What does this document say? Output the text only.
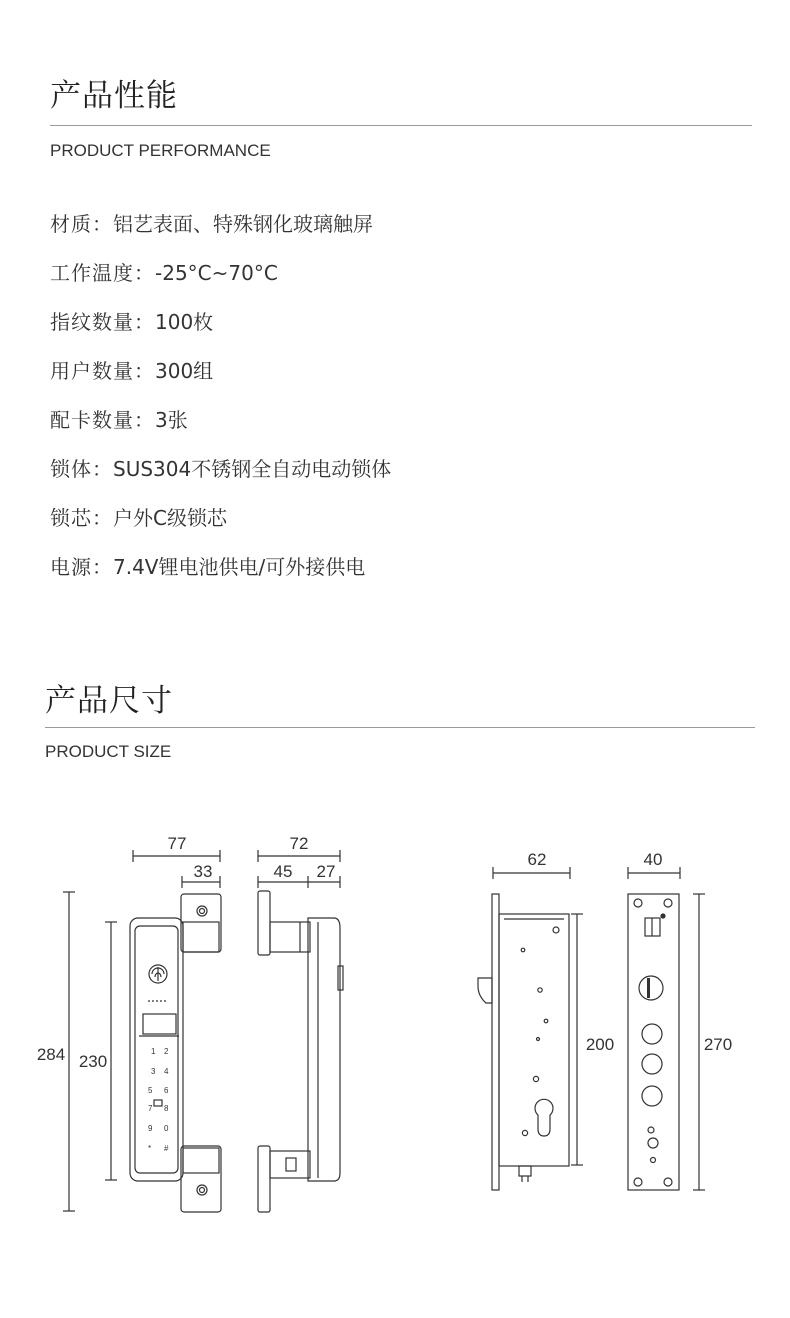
产品性能
PRODUCT PERFORMANCE
材质：铝艺表面、特殊钢化玻璃触屏
工作温度：-25°C~70°C
指纹数量：100枚
用户数量：300组
配卡数量：3张
锁体：SUS304不锈钢全自动电动锁体
锁芯：户外C级锁芯
电源：7.4V锂电池供电/可外接供电
产品尺寸
PRODUCT SIZE
1 2
3 4
5 6
7 8
9 0
* #
77
33
284 230
72
45 27
62
200
40
270
